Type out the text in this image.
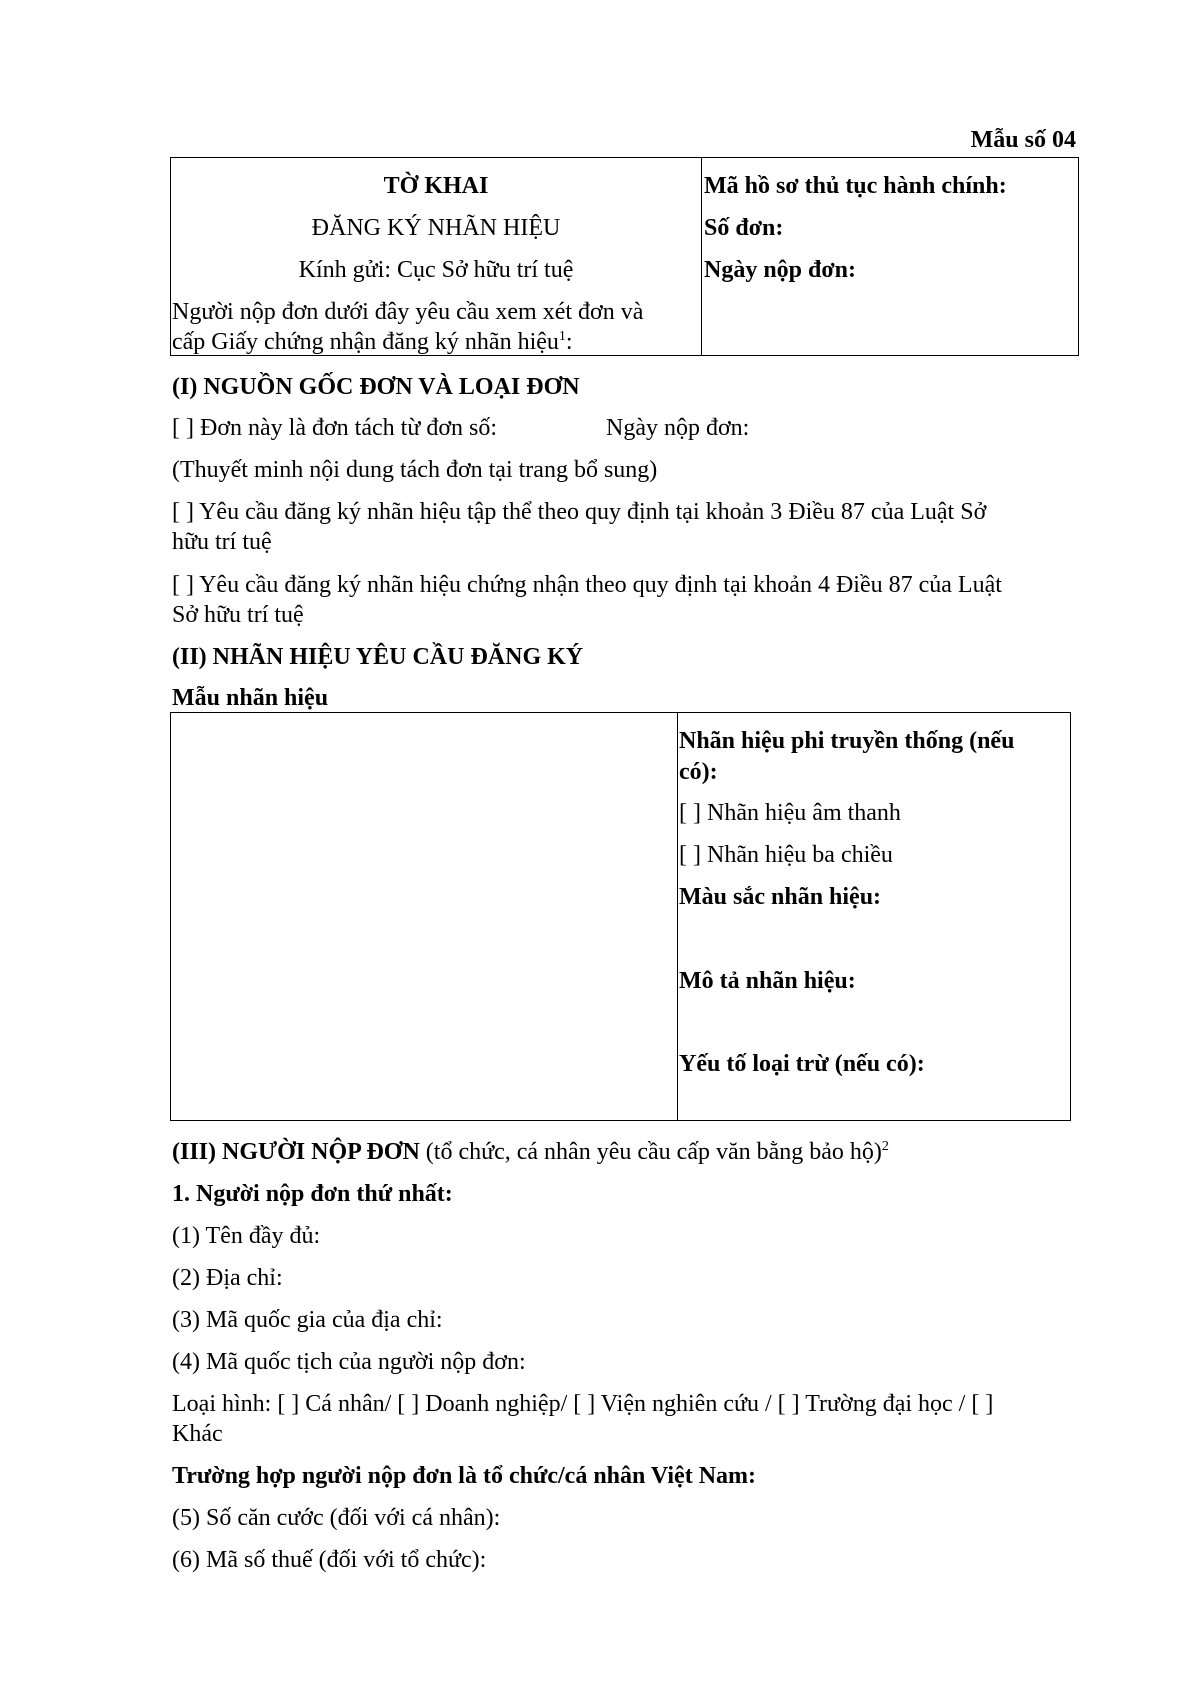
Mẫu số 04
TỜ KHAI
ĐĂNG KÝ NHÃN HIỆU
Kính gửi: Cục Sở hữu trí tuệ
Người nộp đơn dưới đây yêu cầu xem xét đơn và
cấp Giấy chứng nhận đăng ký nhãn hiệu$^1$:
Mã hồ sơ thủ tục hành chính:
Số đơn:
Ngày nộp đơn:
(I) NGUỒN GỐC ĐƠN VÀ LOẠI ĐƠN
[ ] Đơn này là đơn tách từ đơn số:	Ngày nộp đơn:
(Thuyết minh nội dung tách đơn tại trang bổ sung)
[ ] Yêu cầu đăng ký nhãn hiệu tập thể theo quy định tại khoản 3 Điều 87 của Luật Sở
hữu trí tuệ
[ ] Yêu cầu đăng ký nhãn hiệu chứng nhận theo quy định tại khoản 4 Điều 87 của Luật
Sở hữu trí tuệ
(II) NHÃN HIỆU YÊU CẦU ĐĂNG KÝ
Mẫu nhãn hiệu
Nhãn hiệu phi truyền thống (nếu
có):
[ ] Nhãn hiệu âm thanh
[ ] Nhãn hiệu ba chiều
Màu sắc nhãn hiệu:
Mô tả nhãn hiệu:
Yếu tố loại trừ (nếu có):
(III) NGƯỜI NỘP ĐƠN (tổ chức, cá nhân yêu cầu cấp văn bằng bảo hộ)$^2$
1. Người nộp đơn thứ nhất:
(1) Tên đầy đủ:
(2) Địa chỉ:
(3) Mã quốc gia của địa chỉ:
(4) Mã quốc tịch của người nộp đơn:
Loại hình: [ ] Cá nhân/ [ ] Doanh nghiệp/ [ ] Viện nghiên cứu / [ ] Trường đại học / [ ]
Khác
Trường hợp người nộp đơn là tổ chức/cá nhân Việt Nam:
(5) Số căn cước (đối với cá nhân):
(6) Mã số thuế (đối với tổ chức):
